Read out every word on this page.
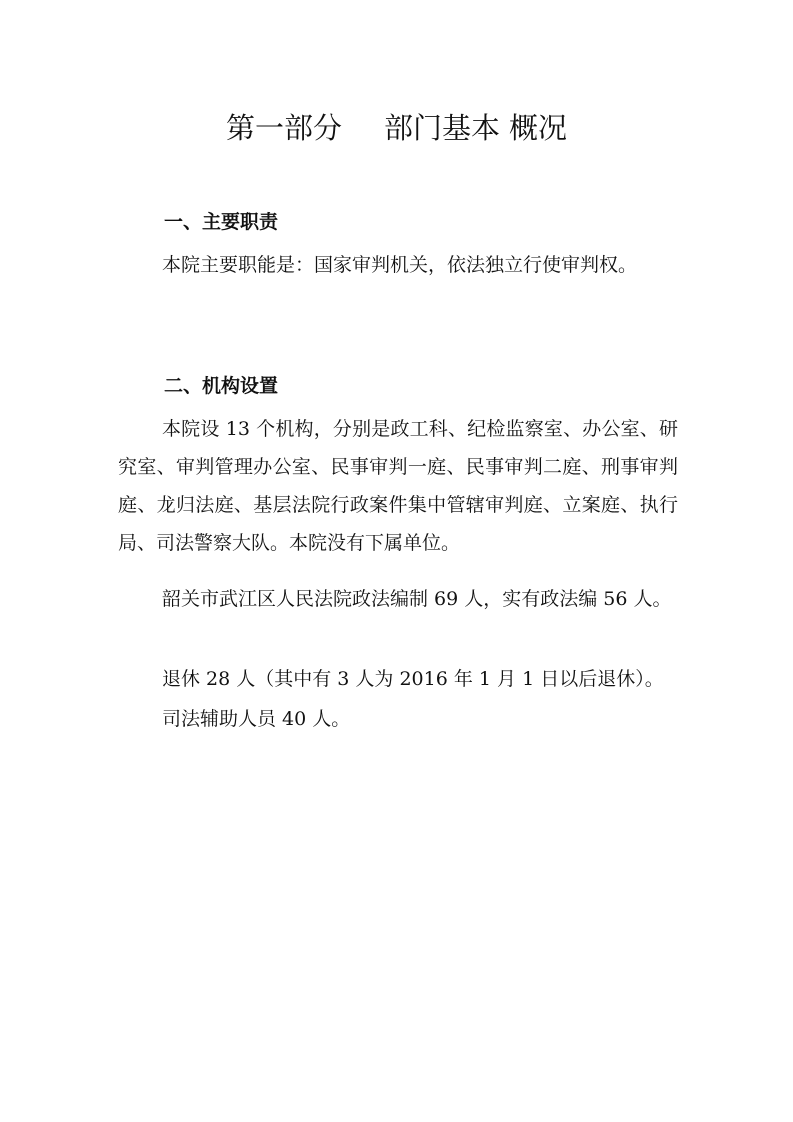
第一部分 部门基本 概况
一、主要职责
本院主要职能是：国家审判机关，依法独立行使审判权。
二、机构设置
本院设 13 个机构，分别是政工科、纪检监察室、办公室、研究室、审判管理办公室、民事审判一庭、民事审判二庭、刑事审判庭、龙归法庭、基层法院行政案件集中管辖审判庭、立案庭、执行局、司法警察大队。本院没有下属单位。
韶关市武江区人民法院政法编制 69 人，实有政法编 56 人。
退休 28 人（其中有 3 人为 2016 年 1 月 1 日以后退休）。
司法辅助人员 40 人。
